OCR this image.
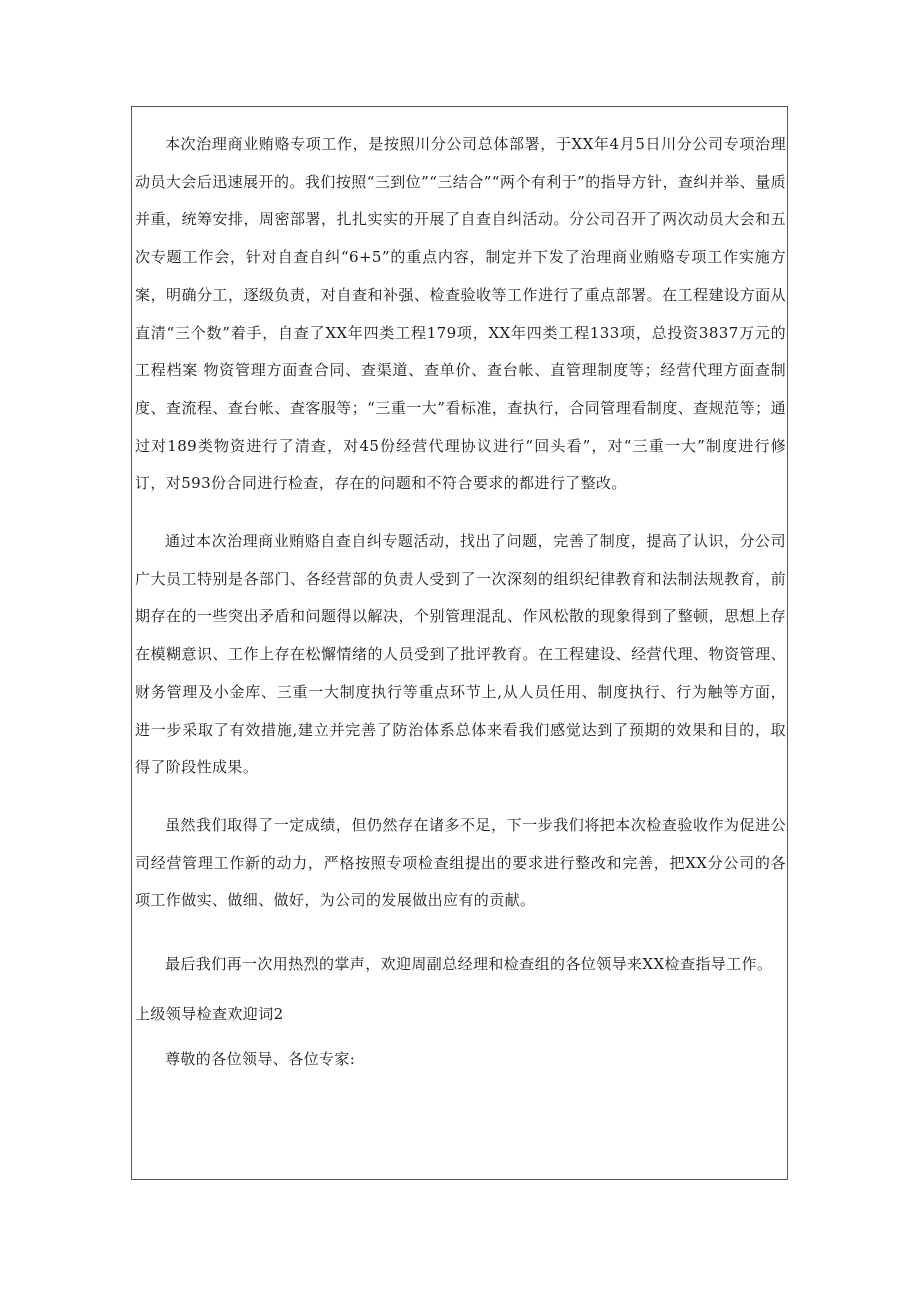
本次治理商业贿赂专项工作，是按照川分公司总体部署，于XX年4月5日川分公司专项治理动员大会后迅速展开的。我们按照“三到位”“三结合”“两个有利于”的指导方针，查纠并举、量质并重，统筹安排，周密部署，扎扎实实的开展了自查自纠活动。分公司召开了两次动员大会和五次专题工作会，针对自查自纠“6+5”的重点内容，制定并下发了治理商业贿赂专项工作实施方案，明确分工，逐级负责，对自查和补强、检查验收等工作进行了重点部署。在工程建设方面从直清“三个数”着手，自查了XX年四类工程179项，XX年四类工程133项，总投资3837万元的工程档案 物资管理方面查合同、查渠道、查单价、查台帐、直管理制度等；经营代理方面查制度、查流程、查台帐、查客服等；“三重一大”看标准，查执行，合同管理看制度、查规范等；通过对189类物资进行了清查，对45份经营代理协议进行“回头看”，对“三重一大”制度进行修订，对593份合同进行检查，存在的问题和不符合要求的都进行了整改。

通过本次治理商业贿赂自查自纠专题活动，找出了问题，完善了制度，提高了认识，分公司广大员工特别是各部门、各经营部的负责人受到了一次深刻的组织纪律教育和法制法规教育，前期存在的一些突出矛盾和问题得以解决，个别管理混乱、作风松散的现象得到了整顿，思想上存在模糊意识、工作上存在松懈情绪的人员受到了批评教育。在工程建设、经营代理、物资管理、财务管理及小金库、三重一大制度执行等重点环节上,从人员任用、制度执行、行为触等方面，进一步采取了有效措施,建立并完善了防治体系总体来看我们感觉达到了预期的效果和目的，取得了阶段性成果。

虽然我们取得了一定成绩，但仍然存在诸多不足，下一步我们将把本次检查验收作为促进公司经营管理工作新的动力，严格按照专项检查组提出的要求进行整改和完善，把XX分公司的各项工作做实、做细、做好，为公司的发展做出应有的贡献。

最后我们再一次用热烈的掌声，欢迎周副总经理和检查组的各位领导来XX检查指导工作。

上级领导检查欢迎词2

尊敬的各位领导、各位专家:
